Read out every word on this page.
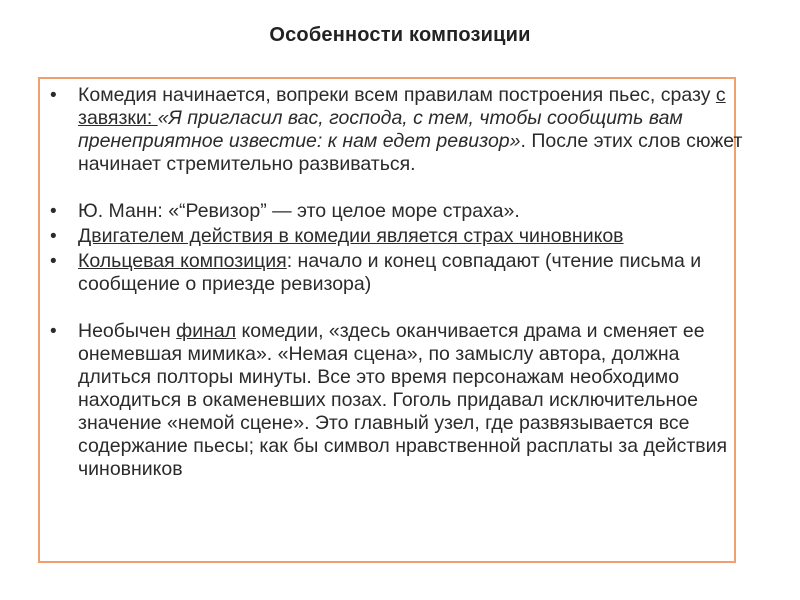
Особенности композиции
• Комедия начинается, вопреки всем правилам построения пьес, сразу с завязки: «Я пригласил вас, господа, с тем, чтобы сообщить вам пренеприятное известие: к нам едет ревизор». После этих слов сюжет начинает стремительно развиваться.
• Ю. Манн: «“Ревизор” — это целое море страха».
• Двигателем действия в комедии является страх чиновников
• Кольцевая композиция: начало и конец совпадают (чтение письма и сообщение о приезде ревизора)
• Необычен финал комедии, «здесь оканчивается драма и сменяет ее онемевшая мимика». «Немая сцена», по замыслу автора, должна длиться полторы минуты. Все это время персонажам необходимо находиться в окаменевших позах. Гоголь придавал исключительное значение «немой сцене». Это главный узел, где развязывается все содержание пьесы; как бы символ нравственной расплаты за действия чиновников
